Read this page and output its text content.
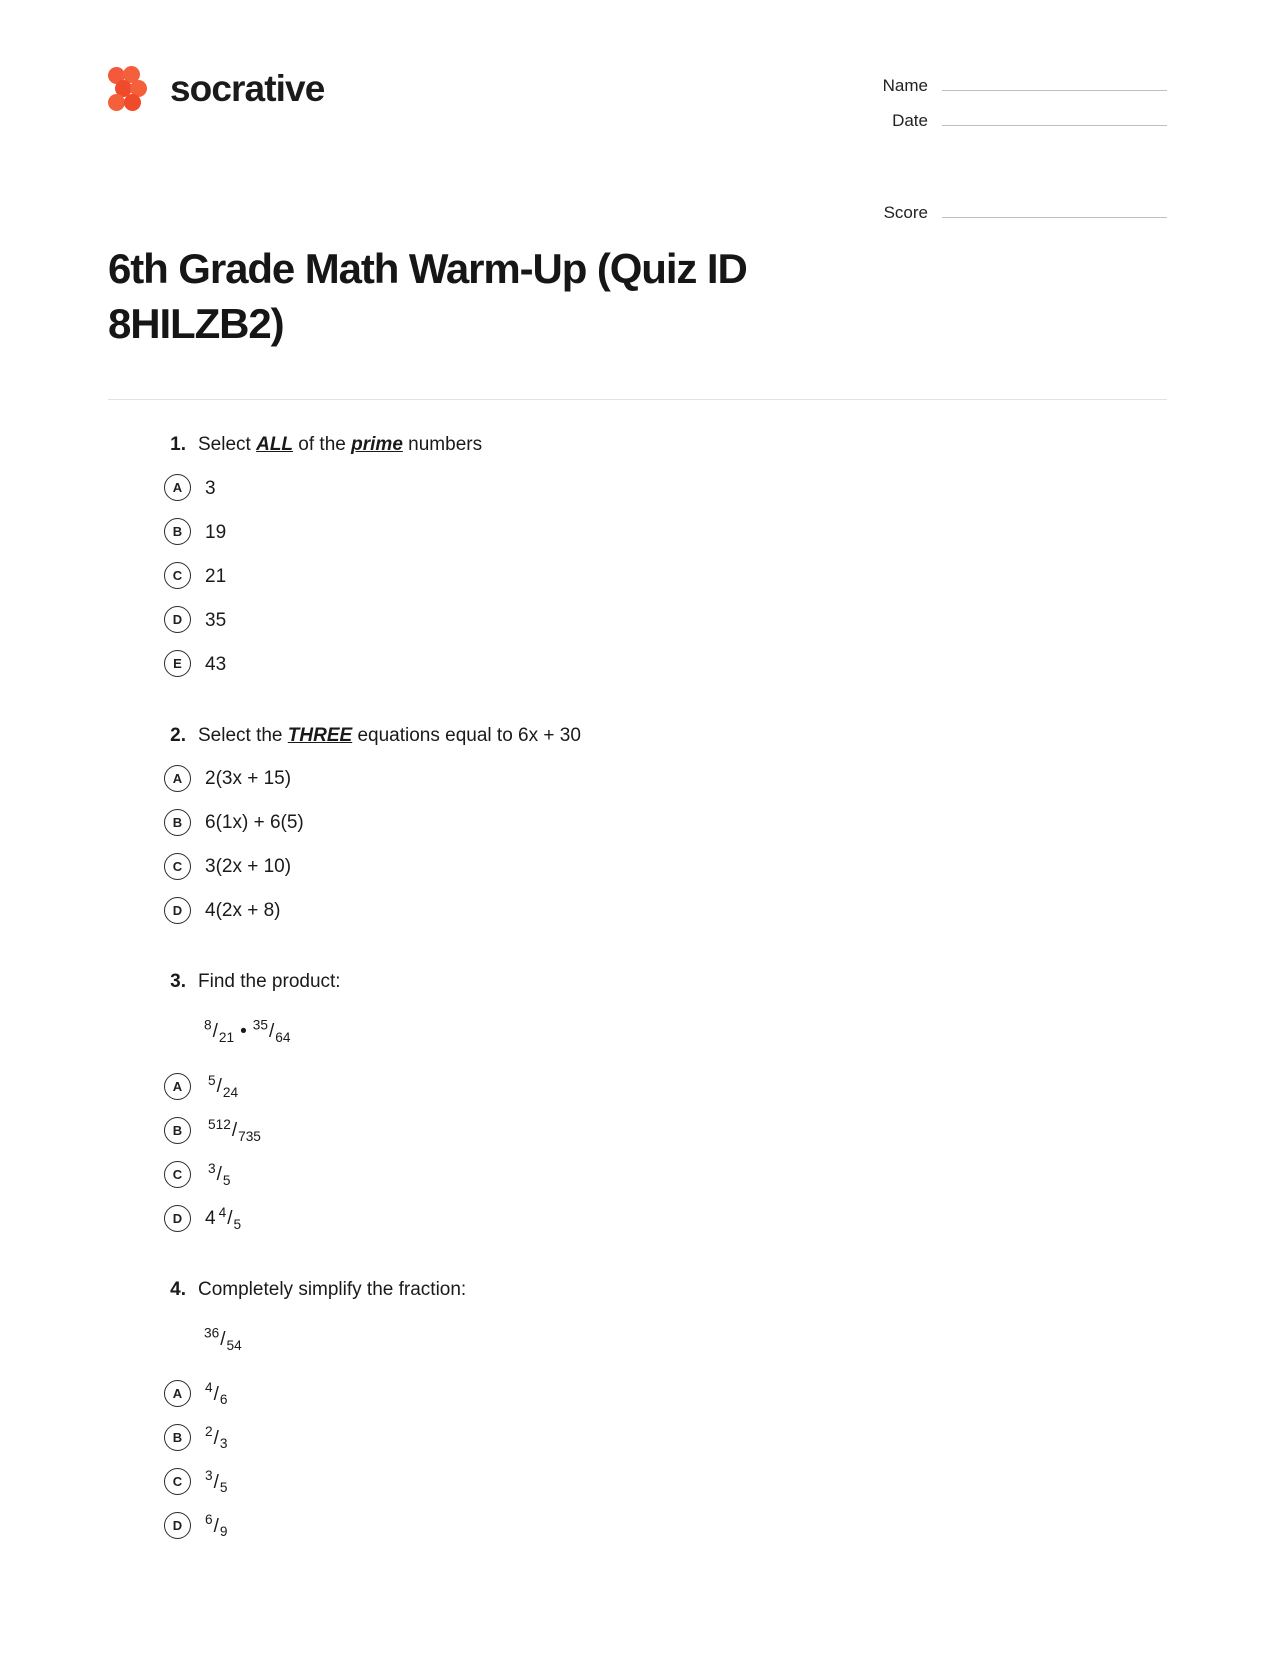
socrative	Name
Date
Score
6th Grade Math Warm-Up (Quiz ID 8HILZB2)
1. Select ALL of the prime numbers
A	3
B	19
C	21
D	35
E	43
2. Select the THREE equations equal to 6x + 30
A	2(3x + 15)
B	6(1x) + 6(5)
C	3(2x + 10)
D	4(2x + 8)
3. Find the product:
$^8/_{21}$ • $^{35}/_{64}$
A	$^5/_{24}$
B	$^{512}/_{735}$
C	$^3/_5$
D	4 $^4/_5$
4. Completely simplify the fraction:
$^{36}/_{54}$
A	$^4/_6$
B	$^2/_3$
C	$^3/_5$
D	$^6/_9$
